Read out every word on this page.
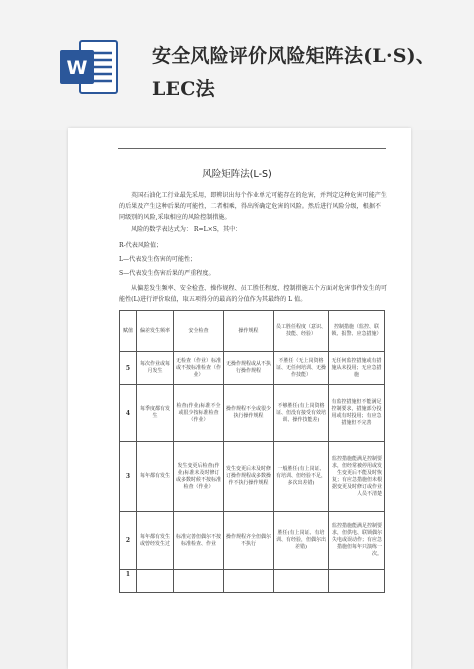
W
安全风险评价风险矩阵法(L·S)、LEC法
风险矩阵法(L-S)
英国石油化工行业最先采用，即辨识出每个作业单元可能存在的危害，并判定这种危害可能产生的后果及产生这种后果的可能性，二者相乘，得出所确定危害的风险。然后进行风险分级，根据不同级别的风险,采取相应的风险控制措施。
风险的数学表达式为： R=L×S，其中：
R-代表风险值；
L—代表发生伤害的可能性；
S—代表发生伤害后果的严重程度。
从偏差发生频率、安全检查、操作规程、员工胜任程度、控制措施五个方面对危害事件发生的可能性(L)进行评价取值，取五项得分的最高的分值作为其最终的 L 值。
赋值	偏差发生频率	安全检查	操作规程	员工胜任程度（意识、技能、经验）	控制措施（监控、联锁、报警、应急措施）
5	每次作业或每月发生	无检查（作业）标准或不按标准检查（作业）	无操作规程或从不执行操作规程	不胜任（无上岗资格证、无任何培训、无操作技能）	无任何监控措施或有措施从未投用；无应急措施
4	每季度都有发生	检查(作业)标准不全或很少按标准检查（作业）	操作规程不全或很少执行操作规程	不够胜任(有上岗资格证、但没有接受有效培训、操作技能差)	有监控措施但不能满足控制要求，措施部分投用或有时投用；有应急措施但不完善
3	每年都有发生	发生变更后检查(作业)标准未及时修订或多数时候不按标准检查（作业）	发生变更后未及时修订操作规程或多数操作不执行操作规程	一般胜任(有上岗证、有培训、但经验不足，多次出差错)	监控措施能满足控制要求，但经常被停用或发生变更后不能及时恢复；有应急措施但未根据变更及时修订或作业人员不清楚
2	每年都有发生或曾经发生过	标准完善但偶尔不按标准检查、作业	操作规程齐全但偶尔不执行	胜任(有上岗证、有培训、有经验，但偶尔出差错)	监控措施能满足控制要求，但供电、联锁偶尔失电或误动作；有应急措施但每年只演练一次。
1					
